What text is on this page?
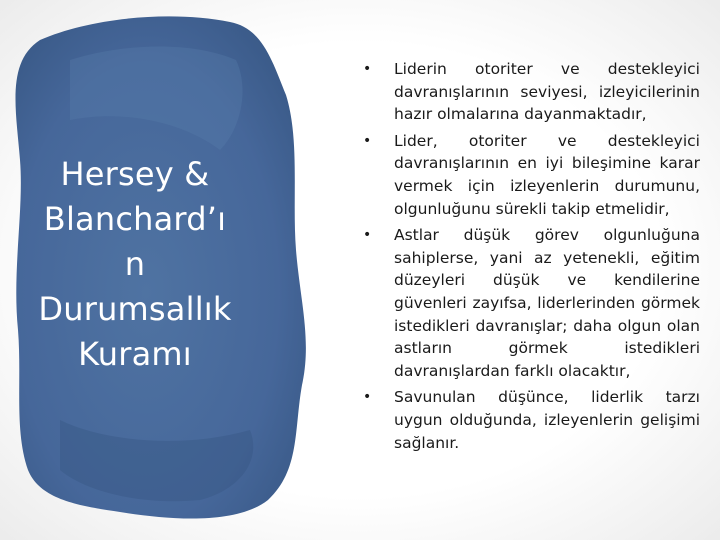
Hersey &
Blanchard’ı
n
Durumsallık
Kuramı
• Liderin otoriter ve destekleyici davranışlarının seviyesi, izleyicilerinin hazır olmalarına dayanmaktadır,
• Lider, otoriter ve destekleyici davranışlarının en iyi bileşimine karar vermek için izleyenlerin durumunu, olgunluğunu sürekli takip etmelidir,
• Astlar düşük görev olgunluğuna sahiplerse, yani az yetenekli, eğitim düzeyleri düşük ve kendilerine güvenleri zayıfsa, liderlerinden görmek istedikleri davranışlar; daha olgun olan astların görmek istedikleri davranışlardan farklı olacaktır,
• Savunulan düşünce, liderlik tarzı uygun olduğunda, izleyenlerin gelişimi sağlanır.
